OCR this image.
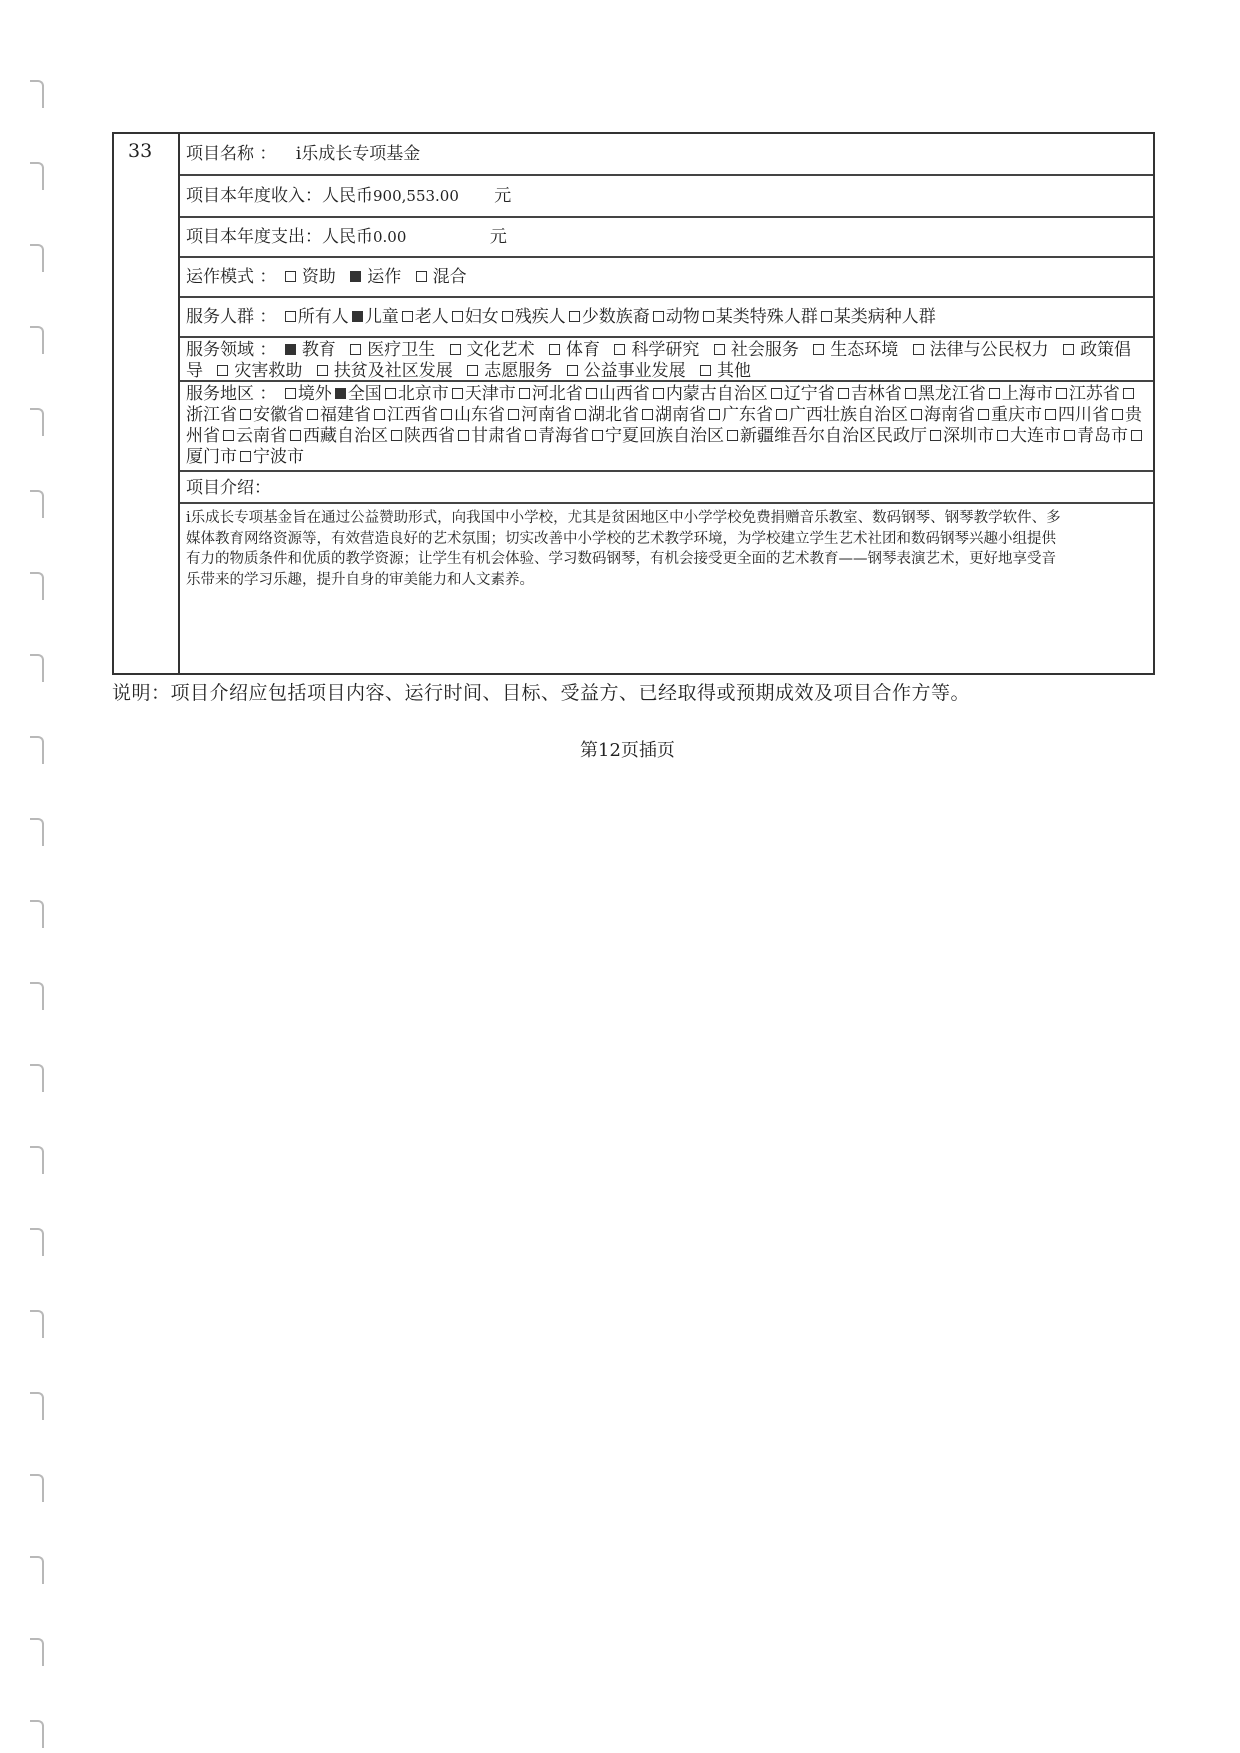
33 项目名称 ： i乐成长专项基金
项目本年度收入：人民币900,553.00 元
项目本年度支出：人民币0.00	元
运作模式 ： 资助 运作 混合
服务人群 ： 所有人 儿童 老人 妇女 残疾人 少数族裔 动物 某类特殊人群 某类病种人群
服务领域 ： 教育 医疗卫生 文化艺术 体育 科学研究 社会服务 生态环境 法律与公民权力 政策倡导 灾害救助 扶贫及社区发展 志愿服务 公益事业发展 其他
服务地区 ： 境外 全国 北京市 天津市 河北省 山西省 内蒙古自治区 辽宁省 吉林省 黑龙江省 上海市 江苏省浙江省 安徽省 福建省 江西省 山东省 河南省 湖北省 湖南省 广东省 广西壮族自治区 海南省 重庆市 四川省 贵州省 云南省 西藏自治区 陕西省 甘肃省 青海省 宁夏回族自治区 新疆维吾尔自治区民政厅 深圳市 大连市 青岛市厦门市 宁波市
项目介绍：
i乐成长专项基金旨在通过公益赞助形式，向我国中小学校，尤其是贫困地区中小学学校免费捐赠音乐教室、数码钢琴、钢琴教学软件、多媒体教育网络资源等，有效营造良好的艺术氛围；切实改善中小学校的艺术教学环境，为学校建立学生艺术社团和数码钢琴兴趣小组提供有力的物质条件和优质的教学资源；让学生有机会体验、学习数码钢琴，有机会接受更全面的艺术教育——钢琴表演艺术，更好地享受音乐带来的学习乐趣，提升自身的审美能力和人文素养。
说明：项目介绍应包括项目内容、运行时间、目标、受益方、已经取得或预期成效及项目合作方等。
第12页插页
